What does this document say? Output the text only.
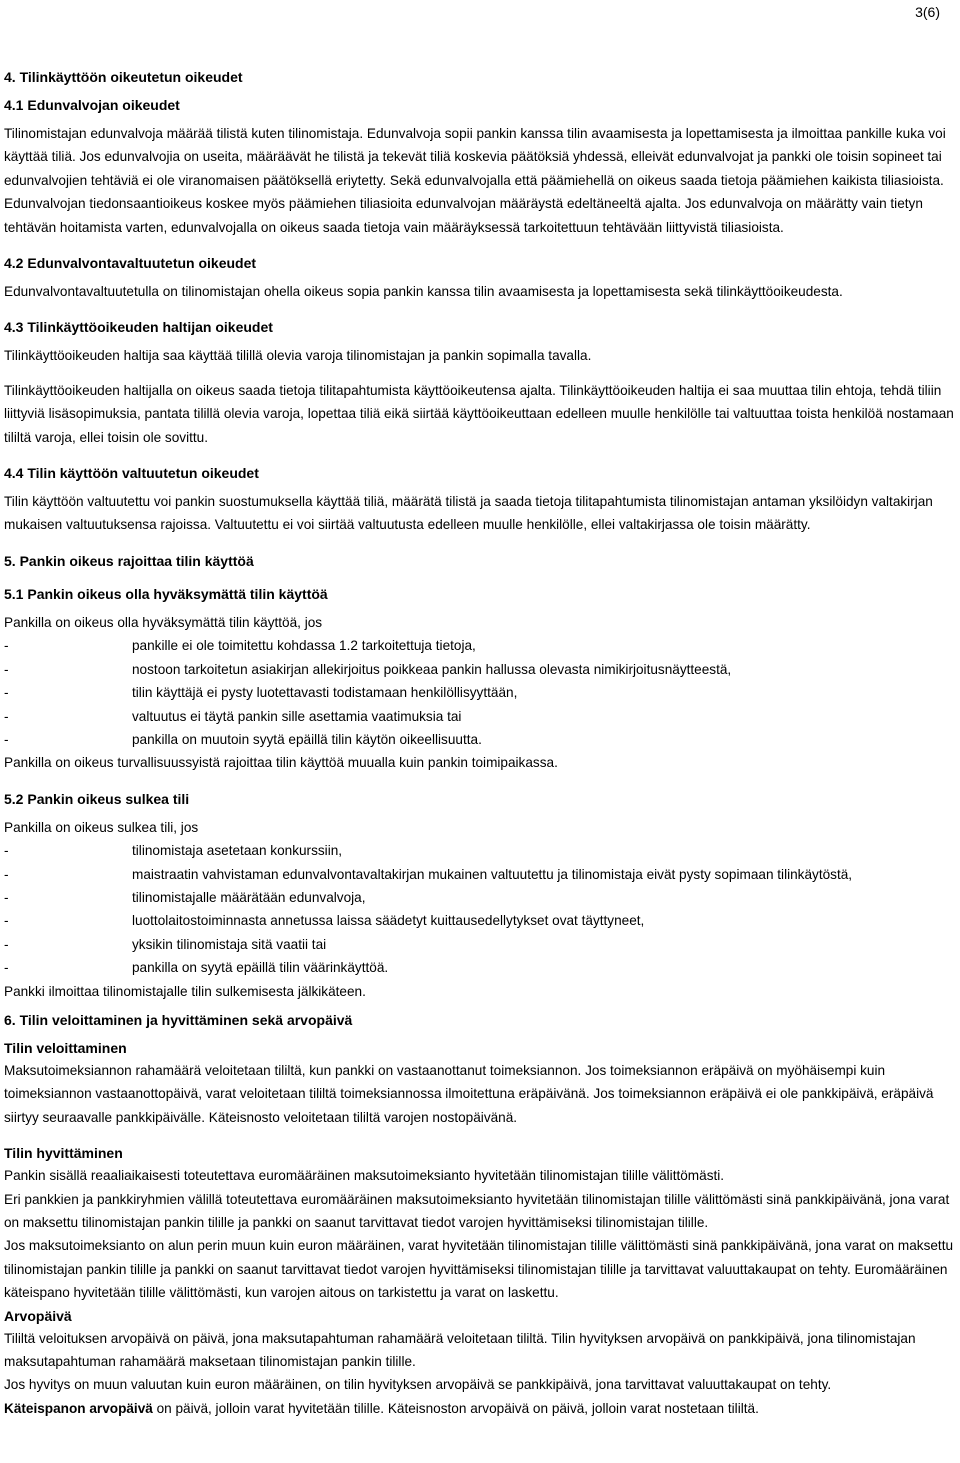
3(6)

4. Tilinkäyttöön oikeutetun oikeudet

4.1 Edunvalvojan oikeudet

Tilinomistajan edunvalvoja määrää tilistä kuten tilinomistaja. Edunvalvoja sopii pankin kanssa tilin avaamisesta ja lopettamisesta ja ilmoittaa pankille kuka voi käyttää tiliä. Jos edunvalvojia on useita, määräävät he tilistä ja tekevät tiliä koskevia päätöksiä yhdessä, elleivät edunvalvojat ja pankki ole toisin sopineet tai edunvalvojien tehtäviä ei ole viranomaisen päätöksellä eriytetty. Sekä edunvalvojalla että päämiehellä on oikeus saada tietoja päämiehen kaikista tiliasioista. Edunvalvojan tiedonsaantioikeus koskee myös päämiehen tiliasioita edunvalvojan määräystä edeltäneeltä ajalta. Jos edunvalvoja on määrätty vain tietyn tehtävän hoitamista varten, edunvalvojalla on oikeus saada tietoja vain määräyksessä tarkoitettuun tehtävään liittyvistä tiliasioista.

4.2 Edunvalvontavaltuutetun oikeudet

Edunvalvontavaltuutetulla on tilinomistajan ohella oikeus sopia pankin kanssa tilin avaamisesta ja lopettamisesta sekä tilinkäyttöoikeudesta.

4.3 Tilinkäyttöoikeuden haltijan oikeudet

Tilinkäyttöoikeuden haltija saa käyttää tilillä olevia varoja tilinomistajan ja pankin sopimalla tavalla.

Tilinkäyttöoikeuden haltijalla on oikeus saada tietoja tilitapahtumista käyttöoikeutensa ajalta. Tilinkäyttöoikeuden haltija ei saa muuttaa tilin ehtoja, tehdä tiliin liittyviä lisäsopimuksia, pantata tilillä olevia varoja, lopettaa tiliä eikä siirtää käyttöoikeuttaan edelleen muulle henkilölle tai valtuuttaa toista henkilöä nostamaan tililtä varoja, ellei toisin ole sovittu.

4.4 Tilin käyttöön valtuutetun oikeudet

Tilin käyttöön valtuutettu voi pankin suostumuksella käyttää tiliä, määrätä tilistä ja saada tietoja tilitapahtumista tilinomistajan antaman yksilöidyn valtakirjan mukaisen valtuutuksensa rajoissa. Valtuutettu ei voi siirtää valtuutusta edelleen muulle henkilölle, ellei valtakirjassa ole toisin määrätty.

5. Pankin oikeus rajoittaa tilin käyttöä

5.1 Pankin oikeus olla hyväksymättä tilin käyttöä

Pankilla on oikeus olla hyväksymättä tilin käyttöä, jos

-	pankille ei ole toimitettu kohdassa 1.2 tarkoitettuja tietoja,
-	nostoon tarkoitetun asiakirjan allekirjoitus poikkeaa pankin hallussa olevasta nimikirjoitusnäytteestä,
-	tilin käyttäjä ei pysty luotettavasti todistamaan henkilöllisyyttään,
-	valtuutus ei täytä pankin sille asettamia vaatimuksia tai
-	pankilla on muutoin syytä epäillä tilin käytön oikeellisuutta.

Pankilla on oikeus turvallisuussyistä rajoittaa tilin käyttöä muualla kuin pankin toimipaikassa.

5.2 Pankin oikeus sulkea tili

Pankilla on oikeus sulkea tili, jos

-	tilinomistaja asetetaan konkurssiin,
-	maistraatin vahvistaman edunvalvontavaltakirjan mukainen valtuutettu ja tilinomistaja eivät pysty sopimaan tilinkäytöstä,
-	tilinomistajalle määrätään edunvalvoja,
-	luottolaitostoiminnasta annetussa laissa säädetyt kuittausedellytykset ovat täyttyneet,
-	yksikin tilinomistaja sitä vaatii tai
-	pankilla on syytä epäillä tilin väärinkäyttöä.

Pankki ilmoittaa tilinomistajalle tilin sulkemisesta jälkikäteen.

6. Tilin veloittaminen ja hyvittäminen sekä arvopäivä

Tilin veloittaminen

Maksutoimeksiannon rahamäärä veloitetaan tililtä, kun pankki on vastaanottanut toimeksiannon. Jos toimeksiannon eräpäivä on myöhäisempi kuin toimeksiannon vastaanottopäivä, varat veloitetaan tililtä toimeksiannossa ilmoitettuna eräpäivänä. Jos toimeksiannon eräpäivä ei ole pankkipäivä, eräpäivä siirtyy seuraavalle pankkipäivälle. Käteisnosto veloitetaan tililtä varojen nostopäivänä.

Tilin hyvittäminen

Pankin sisällä reaaliaikaisesti toteutettava euromääräinen maksutoimeksianto hyvitetään tilinomistajan tilille välittömästi.

Eri pankkien ja pankkiryhmien välillä toteutettava euromääräinen maksutoimeksianto hyvitetään tilinomistajan tilille välittömästi sinä pankkipäivänä, jona varat on maksettu tilinomistajan pankin tilille ja pankki on saanut tarvittavat tiedot varojen hyvittämiseksi tilinomistajan tilille.

Jos maksutoimeksianto on alun perin muun kuin euron määräinen, varat hyvitetään tilinomistajan tilille välittömästi sinä pankkipäivänä, jona varat on maksettu tilinomistajan pankin tilille ja pankki on saanut tarvittavat tiedot varojen hyvittämiseksi tilinomistajan tilille ja tarvittavat valuuttakaupat on tehty. Euromääräinen käteispano hyvitetään tilille välittömästi, kun varojen aitous on tarkistettu ja varat on laskettu.

Arvopäivä

Tililtä veloituksen arvopäivä on päivä, jona maksutapahtuman rahamäärä veloitetaan tililtä. Tilin hyvityksen arvopäivä on pankkipäivä, jona tilinomistajan maksutapahtuman rahamäärä maksetaan tilinomistajan pankin tilille.

Jos hyvitys on muun valuutan kuin euron määräinen, on tilin hyvityksen arvopäivä se pankkipäivä, jona tarvittavat valuuttakaupat on tehty.

Käteispanon arvopäivä on päivä, jolloin varat hyvitetään tilille. Käteisnoston arvopäivä on päivä, jolloin varat nostetaan tililtä.
